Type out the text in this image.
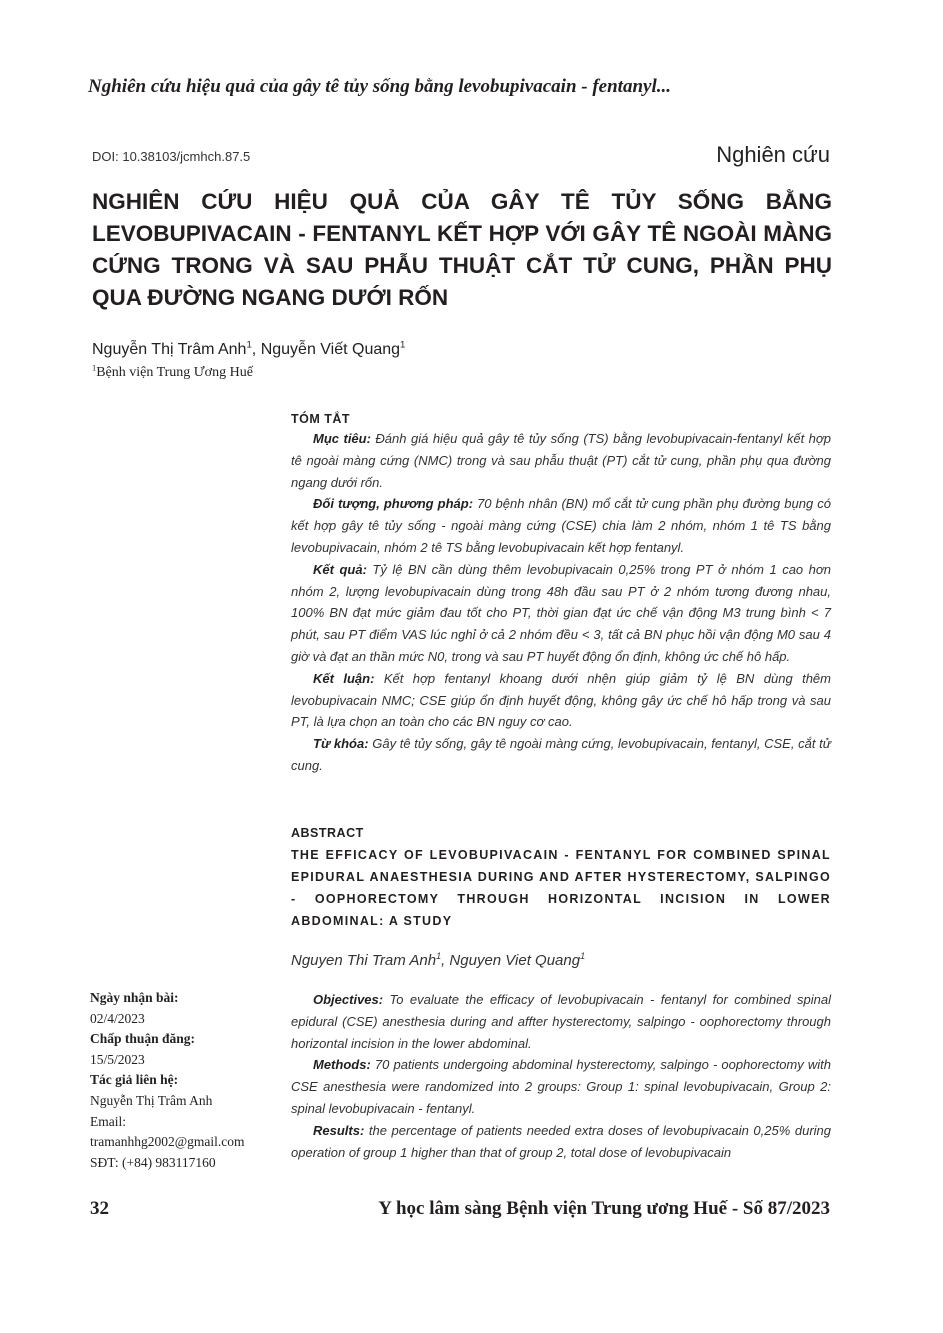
Nghiên cứu hiệu quả của gây tê tủy sống bằng levobupivacain - fentanyl...
DOI: 10.38103/jcmhch.87.5	Nghiên cứu
NGHIÊN CỨU HIỆU QUẢ CỦA GÂY TÊ TỦY SỐNG BẰNG LEVOBUPIVACAIN - FENTANYL KẾT HỢP VỚI GÂY TÊ NGOÀI MÀNG CỨNG TRONG VÀ SAU PHẪU THUẬT CẮT TỬ CUNG, PHẦN PHỤ QUA ĐƯỜNG NGANG DƯỚI RỐN
Nguyễn Thị Trâm Anh$^1$, Nguyễn Viết Quang$^1$
$^1$Bệnh viện Trung Ương Huế
TÓM TẮT

Mục tiêu: Đánh giá hiệu quả gây tê tủy sống (TS) bằng levobupivacain-fentanyl kết hợp tê ngoài màng cứng (NMC) trong và sau phẫu thuật (PT) cắt tử cung, phần phụ qua đường ngang dưới rốn.

Đối tượng, phương pháp: 70 bệnh nhân (BN) mổ cắt tử cung phần phụ đường bụng có kết hợp gây tê tủy sống - ngoài màng cứng (CSE) chia làm 2 nhóm, nhóm 1 tê TS bằng levobupivacain, nhóm 2 tê TS bằng levobupivacain kết hợp fentanyl.

Kết quả: Tỷ lệ BN cần dùng thêm levobupivacain 0,25% trong PT ở nhóm 1 cao hơn nhóm 2, lượng levobupivacain dùng trong 48h đầu sau PT ở 2 nhóm tương đương nhau, 100% BN đạt mức giảm đau tốt cho PT, thời gian đạt ức chế vận động M3 trung bình < 7 phút, sau PT điểm VAS lúc nghỉ ở cả 2 nhóm đều < 3, tất cả BN phục hồi vận động M0 sau 4 giờ và đạt an thần mức N0, trong và sau PT huyết động ổn định, không ức chế hô hấp.

Kết luận: Kết hợp fentanyl khoang dưới nhện giúp giảm tỷ lệ BN dùng thêm levobupivacain NMC; CSE giúp ổn định huyết động, không gây ức chế hô hấp trong và sau PT, là lựa chọn an toàn cho các BN nguy cơ cao.

Từ khóa: Gây tê tủy sống, gây tê ngoài màng cứng, levobupivacain, fentanyl, CSE, cắt tử cung.

ABSTRACT
THE EFFICACY OF LEVOBUPIVACAIN - FENTANYL FOR COMBINED SPINAL EPIDURAL ANAESTHESIA DURING AND AFTER HYSTERECTOMY, SALPINGO - OOPHORECTOMY THROUGH HORIZONTAL INCISION IN LOWER ABDOMINAL: A STUDY
Nguyen Thi Tram Anh$^1$, Nguyen Viet Quang$^1$

Objectives: To evaluate the efficacy of levobupivacain - fentanyl for combined spinal epidural (CSE) anesthesia during and affter hysterectomy, salpingo - oophorectomy through horizontal incision in the lower abdominal.

Methods: 70 patients undergoing abdominal hysterectomy, salpingo - oophorectomy with CSE anesthesia were randomized into 2 groups: Group 1: spinal levobupivacain, Group 2: spinal levobupivacain - fentanyl.

Results: the percentage of patients needed extra doses of levobupivacain 0,25% during operation of group 1 higher than that of group 2, total dose of levobupivacain

Ngày nhận bài:
02/4/2023
Chấp thuận đăng:
15/5/2023
Tác giả liên hệ:
Nguyễn Thị Trâm Anh
Email:
tramanhhg2002@gmail.com
SĐT: (+84) 983117160
32	Y học lâm sàng Bệnh viện Trung ương Huế - Số 87/2023
